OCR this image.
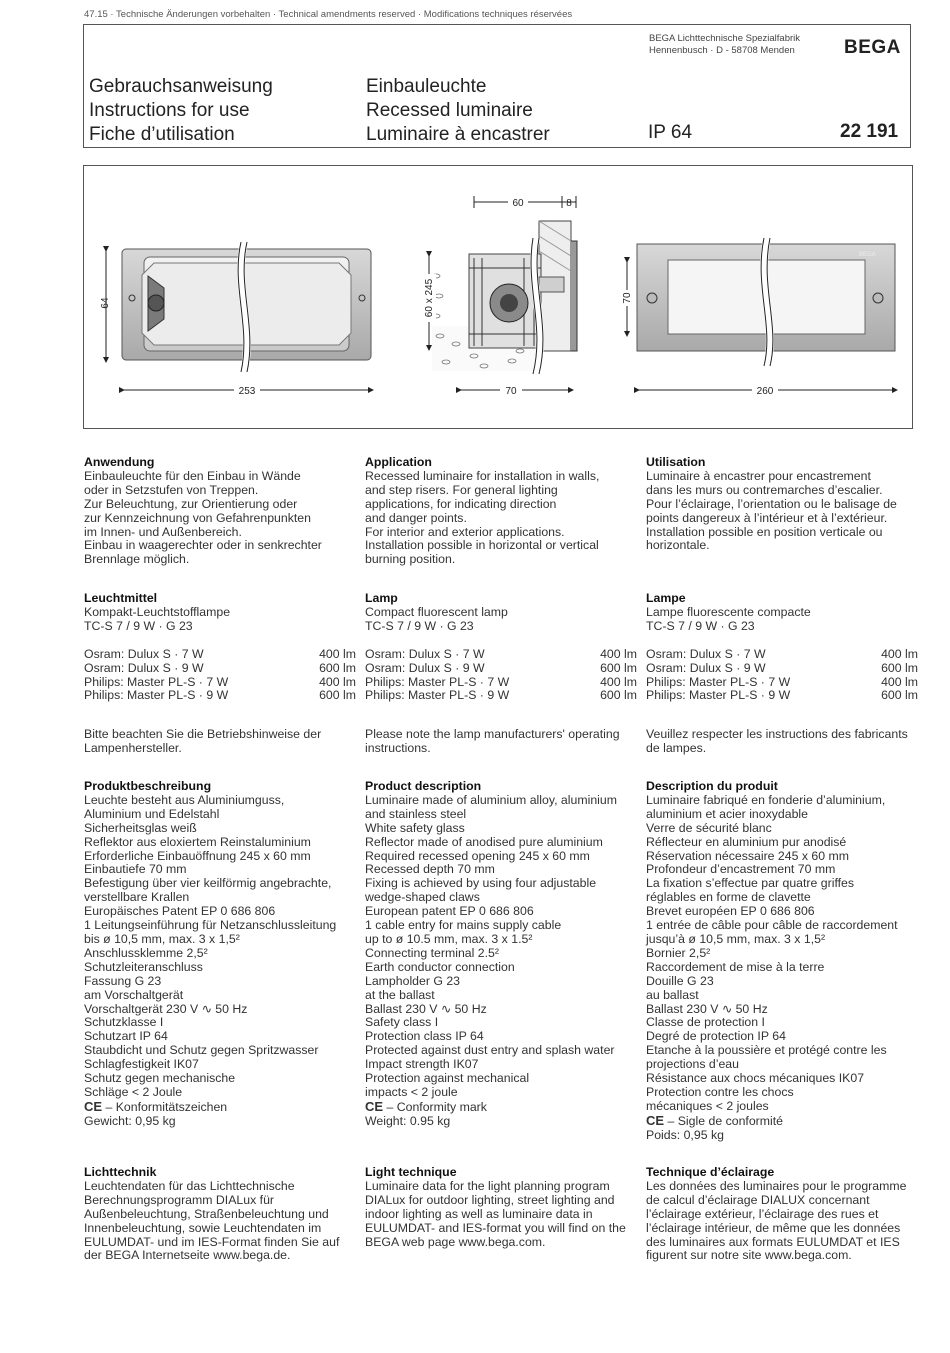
47.15 · Technische Änderungen vorbehalten · Technical amendments reserved · Modifications techniques réservées
BEGA Lichttechnische Spezialfabrik
Hennenbusch · D - 58708 Menden	BEGA
Gebrauchsanweisung
Instructions for use
Fiche d’utilisation
Einbauleuchte
Recessed luminaire
Luminaire à encastrer	IP 64	22 191
253
64
60	8
60 x 245
70
BEGA
70
260
Anwendung
Einbauleuchte für den Einbau in Wände
oder in Setzstufen von Treppen.
Zur Beleuchtung, zur Orientierung oder
zur Kennzeichnung von Gefahrenpunkten
im Innen- und Außenbereich.
Einbau in waagerechter oder in senkrechter
Brennlage möglich.
Leuchtmittel
Kompakt-Leuchtstofflampe
TC-S 7 / 9 W · G 23
Osram: Dulux S · 7 W	400 lm
Osram: Dulux S · 9 W	600 lm
Philips: Master PL-S · 7 W	400 lm
Philips: Master PL-S · 9 W	600 lm
Bitte beachten Sie die Betriebshinweise der
Lampenhersteller.
Produktbeschreibung
Leuchte besteht aus Aluminiumguss,
Aluminium und Edelstahl
Sicherheitsglas weiß
Reflektor aus eloxiertem Reinstaluminium
Erforderliche Einbauöffnung 245 x 60 mm
Einbautiefe 70 mm
Befestigung über vier keilförmig angebrachte,
verstellbare Krallen
Europäisches Patent EP 0 686 806
1 Leitungseinführung für Netzanschlussleitung
bis ø 10,5 mm, max. 3 x 1,5²
Anschlussklemme 2,5²
Schutzleiteranschluss
Fassung G 23
am Vorschaltgerät
Vorschaltgerät 230 V ∿ 50 Hz
Schutzklasse I
Schutzart IP 64
Staubdicht und Schutz gegen Spritzwasser
Schlagfestigkeit IK07
Schutz gegen mechanische
Schläge < 2 Joule
CE – Konformitätszeichen
Gewicht: 0,95 kg
Lichttechnik
Leuchtendaten für das Lichttechnische
Berechnungsprogramm DIALux für
Außenbeleuchtung, Straßenbeleuchtung und
Innenbeleuchtung, sowie Leuchtendaten im
EULUMDAT- und im IES-Format finden Sie auf
der BEGA Internetseite www.bega.de.
Application
Recessed luminaire for installation in walls,
and step risers. For general lighting
applications, for indicating direction
and danger points.
For interior and exterior applications.
Installation possible in horizontal or vertical
burning position.
Lamp
Compact fluorescent lamp
TC-S 7 / 9 W · G 23
Osram: Dulux S · 7 W	400 lm
Osram: Dulux S · 9 W	600 lm
Philips: Master PL-S · 7 W	400 lm
Philips: Master PL-S · 9 W	600 lm
Please note the lamp manufacturers' operating
instructions.
Product description
Luminaire made of aluminium alloy, aluminium
and stainless steel
White safety glass
Reflector made of anodised pure aluminium
Required recessed opening 245 x 60 mm
Recessed depth 70 mm
Fixing is achieved by using four adjustable
wedge-shaped claws
European patent EP 0 686 806
1 cable entry for mains supply cable
up to ø 10.5 mm, max. 3 x 1.5²
Connecting terminal 2.5²
Earth conductor connection
Lampholder G 23
at the ballast
Ballast 230 V ∿ 50 Hz
Safety class I
Protection class IP 64
Protected against dust entry and splash water
Impact strength IK07
Protection against mechanical
impacts < 2 joule
CE – Conformity mark
Weight: 0.95 kg
Light technique
Luminaire data for the light planning program
DIALux for outdoor lighting, street lighting and
indoor lighting as well as luminaire data in
EULUMDAT- and IES-format you will find on the
BEGA web page www.bega.com.
Utilisation
Luminaire à encastrer pour encastrement
dans les murs ou contremarches d’escalier.
Pour l’éclairage, l’orientation ou le balisage de
points dangereux à l’intérieur et à l’extérieur.
Installation possible en position verticale ou
horizontale.
Lampe
Lampe fluorescente compacte
TC-S 7 / 9 W · G 23
Osram: Dulux S · 7 W	400 lm
Osram: Dulux S · 9 W	600 lm
Philips: Master PL-S · 7 W	400 lm
Philips: Master PL-S · 9 W	600 lm
Veuillez respecter les instructions des fabricants
de lampes.
Description du produit
Luminaire fabriqué en fonderie d’aluminium,
aluminium et acier inoxydable
Verre de sécurité blanc
Réflecteur en aluminium pur anodisé
Réservation nécessaire 245 x 60 mm
Profondeur d’encastrement 70 mm
La fixation s’effectue par quatre griffes
réglables en forme de clavette
Brevet européen EP 0 686 806
1 entrée de câble pour câble de raccordement
jusqu’à ø 10,5 mm, max. 3 x 1,5²
Bornier 2,5²
Raccordement de mise à la terre
Douille G 23
au ballast
Ballast 230 V ∿ 50 Hz
Classe de protection I
Degré de protection IP 64
Etanche à la poussière et protégé contre les
projections d’eau
Résistance aux chocs mécaniques IK07
Protection contre les chocs
mécaniques < 2 joules
CE – Sigle de conformité
Poids: 0,95 kg
Technique d’éclairage
Les données des luminaires pour le programme
de calcul d’éclairage DIALUX concernant
l’éclairage extérieur, l’éclairage des rues et
l’éclairage intérieur, de même que les données
des luminaires aux formats EULUMDAT et IES
figurent sur notre site www.bega.com.
